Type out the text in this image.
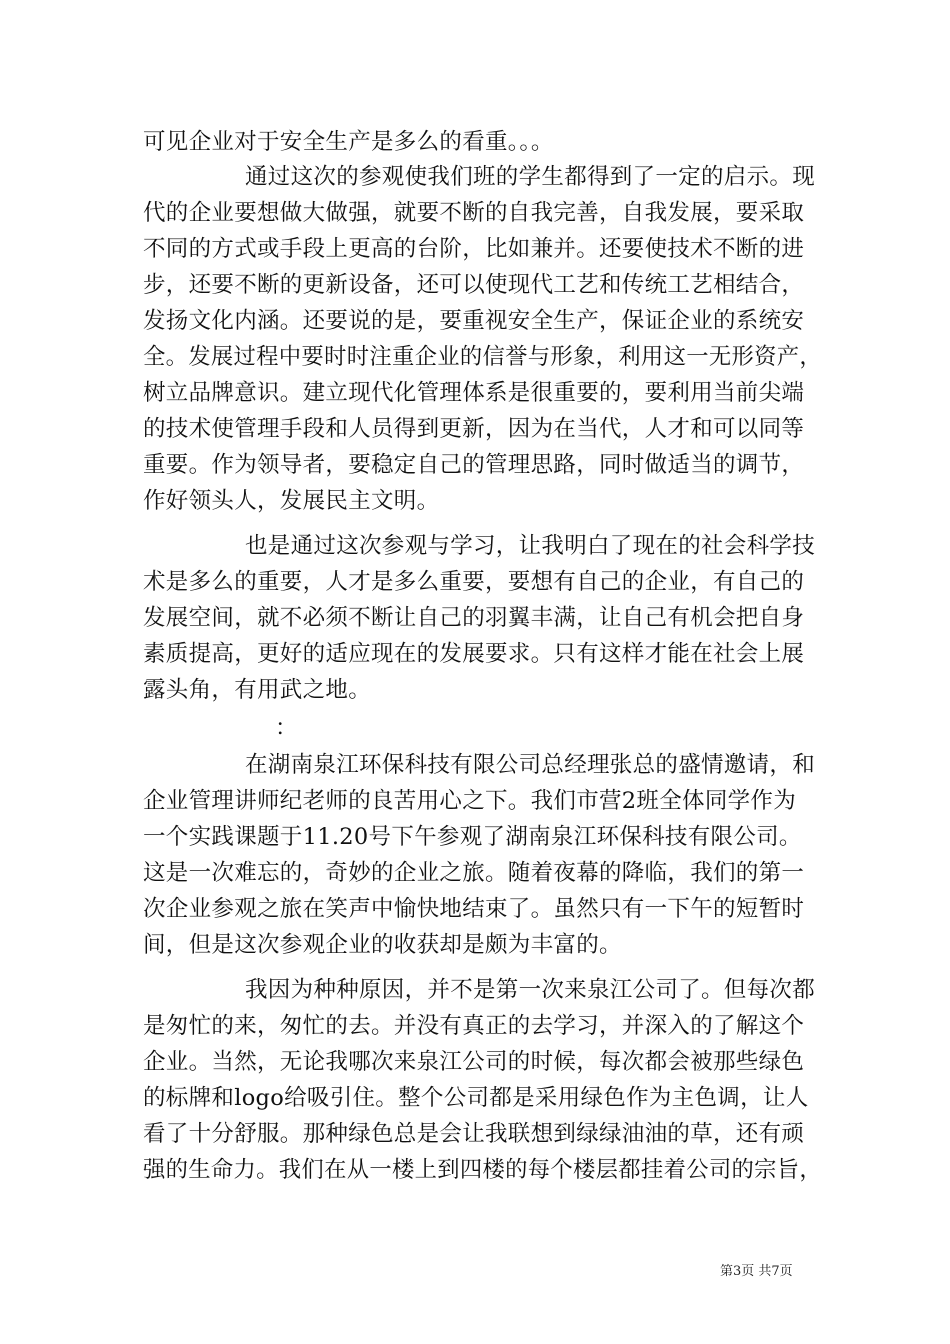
可见企业对于安全生产是多么的看重。。。
通过这次的参观使我们班的学生都得到了一定的启示。现
代的企业要想做大做强，就要不断的自我完善，自我发展，要采取
不同的方式或手段上更高的台阶，比如兼并。还要使技术不断的进
步，还要不断的更新设备，还可以使现代工艺和传统工艺相结合，
发扬文化内涵。还要说的是，要重视安全生产，保证企业的系统安
全。发展过程中要时时注重企业的信誉与形象，利用这一无形资产，
树立品牌意识。建立现代化管理体系是很重要的，要利用当前尖端
的技术使管理手段和人员得到更新，因为在当代，人才和可以同等
重要。作为领导者，要稳定自己的管理思路，同时做适当的调节，
作好领头人，发展民主文明。
也是通过这次参观与学习，让我明白了现在的社会科学技
术是多么的重要，人才是多么重要，要想有自己的企业，有自己的
发展空间，就不必须不断让自己的羽翼丰满，让自己有机会把自身
素质提高，更好的适应现在的发展要求。只有这样才能在社会上展
露头角，有用武之地。
：
在湖南泉江环保科技有限公司总经理张总的盛情邀请，和
企业管理讲师纪老师的良苦用心之下。我们市营2班全体同学作为
一个实践课题于11.20号下午参观了湖南泉江环保科技有限公司。
这是一次难忘的，奇妙的企业之旅。随着夜幕的降临，我们的第一
次企业参观之旅在笑声中愉快地结束了。虽然只有一下午的短暂时
间，但是这次参观企业的收获却是颇为丰富的。
我因为种种原因，并不是第一次来泉江公司了。但每次都
是匆忙的来，匆忙的去。并没有真正的去学习，并深入的了解这个
企业。当然，无论我哪次来泉江公司的时候，每次都会被那些绿色
的标牌和logo给吸引住。整个公司都是采用绿色作为主色调，让人
看了十分舒服。那种绿色总是会让我联想到绿绿油油的草，还有顽
强的生命力。我们在从一楼上到四楼的每个楼层都挂着公司的宗旨，
第3页 共7页
